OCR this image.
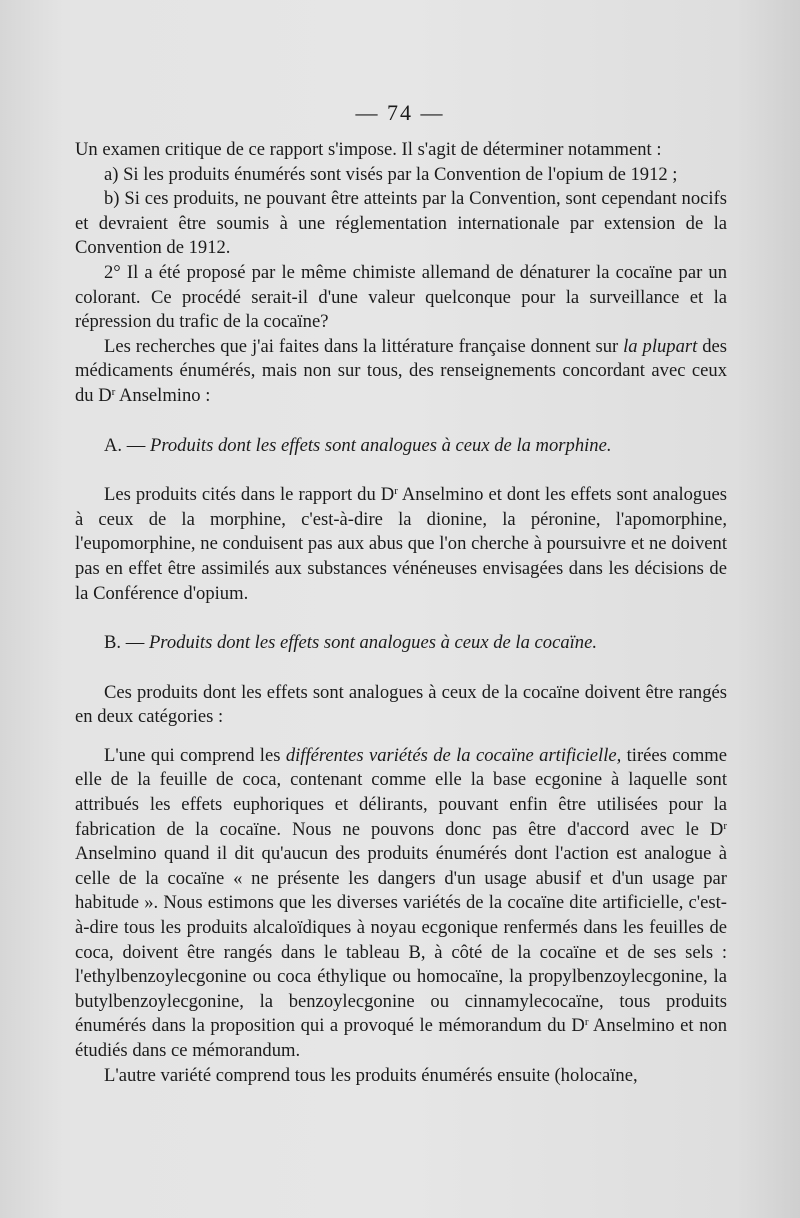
— 74 —

Un examen critique de ce rapport s'impose. Il s'agit de déterminer notamment :

a) Si les produits énumérés sont visés par la Convention de l'opium de 1912 ;

b) Si ces produits, ne pouvant être atteints par la Convention, sont cependant nocifs et devraient être soumis à une réglementation internationale par extension de la Convention de 1912.

2° Il a été proposé par le même chimiste allemand de dénaturer la cocaïne par un colorant. Ce procédé serait-il d'une valeur quelconque pour la surveillance et la répression du trafic de la cocaïne?

Les recherches que j'ai faites dans la littérature française donnent sur la plupart des médicaments énumérés, mais non sur tous, des renseignements concordant avec ceux du $D^r$ Anselmino :

A. — Produits dont les effets sont analogues à ceux de la morphine.

Les produits cités dans le rapport du $D^r$ Anselmino et dont les effets sont analogues à ceux de la morphine, c'est-à-dire la dionine, la péronine, l'apomorphine, l'eupomorphine, ne conduisent pas aux abus que l'on cherche à poursuivre et ne doivent pas en effet être assimilés aux substances vénéneuses envisagées dans les décisions de la Conférence d'opium.

B. — Produits dont les effets sont analogues à ceux de la cocaïne.

Ces produits dont les effets sont analogues à ceux de la cocaïne doivent être rangés en deux catégories :

L'une qui comprend les différentes variétés de la cocaïne artificielle, tirées comme elle de la feuille de coca, contenant comme elle la base ecgonine à laquelle sont attribués les effets euphoriques et délirants, pouvant enfin être utilisées pour la fabrication de la cocaïne. Nous ne pouvons donc pas être d'accord avec le $D^r$ Anselmino quand il dit qu'aucun des produits énumérés dont l'action est analogue à celle de la cocaïne « ne présente les dangers d'un usage abusif et d'un usage par habitude ». Nous estimons que les diverses variétés de la cocaïne dite artificielle, c'est-à-dire tous les produits alcaloïdiques à noyau ecgonique renfermés dans les feuilles de coca, doivent être rangés dans le tableau B, à côté de la cocaïne et de ses sels : l'ethylbenzoylecgonine ou coca éthylique ou homocaïne, la propylbenzoylecgonine, la butylbenzoylecgonine, la benzoylecgonine ou cinnamylecocaïne, tous produits énumérés dans la proposition qui a provoqué le mémorandum du $D^r$ Anselmino et non étudiés dans ce mémorandum.

L'autre variété comprend tous les produits énumérés ensuite (holocaïne,
